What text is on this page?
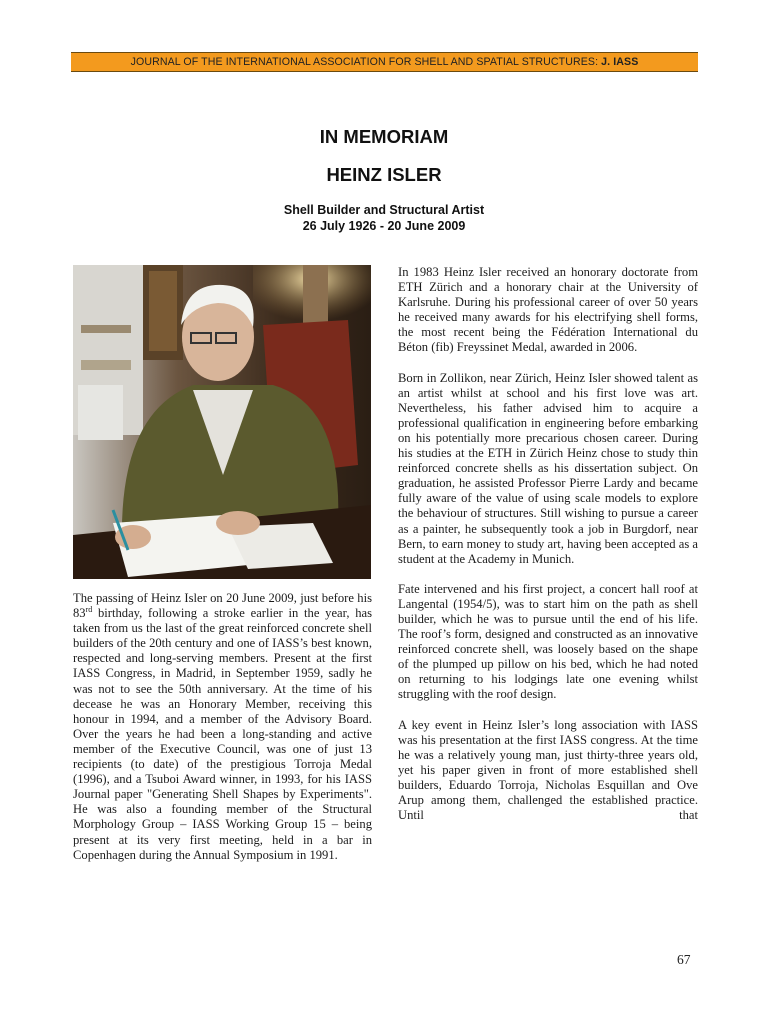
JOURNAL OF THE INTERNATIONAL ASSOCIATION FOR SHELL AND SPATIAL STRUCTURES: J. IASS
IN MEMORIAM
HEINZ ISLER
Shell Builder and Structural Artist
26 July 1926 - 20 June 2009

The passing of Heinz Isler on 20 June 2009, just before his 83rd birthday, following a stroke earlier in the year, has taken from us the last of the great reinforced concrete shell builders of the 20th century and one of IASS’s best known, respected and long-serving members. Present at the first IASS Congress, in Madrid, in September 1959, sadly he was not to see the 50th anniversary. At the time of his decease he was an Honorary Member, receiving this honour in 1994, and a member of the Advisory Board. Over the years he had been a long-standing and active member of the Executive Council, was one of just 13 recipients (to date) of the prestigious Torroja Medal (1996), and a Tsuboi Award winner, in 1993, for his IASS Journal paper "Generating Shell Shapes by Experiments". He was also a founding member of the Structural Morphology Group – IASS Working Group 15 – being present at its very first meeting, held in a bar in Copenhagen during the Annual Symposium in 1991.

In 1983 Heinz Isler received an honorary doctorate from ETH Zürich and a honorary chair at the University of Karlsruhe. During his professional career of over 50 years he received many awards for his electrifying shell forms, the most recent being the Fédération International du Béton (fib) Freyssinet Medal, awarded in 2006.

Born in Zollikon, near Zürich, Heinz Isler showed talent as an artist whilst at school and his first love was art. Nevertheless, his father advised him to acquire a professional qualification in engineering before embarking on his potentially more precarious chosen career. During his studies at the ETH in Zürich Heinz chose to study thin reinforced concrete shells as his dissertation subject. On graduation, he assisted Professor Pierre Lardy and became fully aware of the value of using scale models to explore the behaviour of structures. Still wishing to pursue a career as a painter, he subsequently took a job in Burgdorf, near Bern, to earn money to study art, having been accepted as a student at the Academy in Munich.

Fate intervened and his first project, a concert hall roof at Langental (1954/5), was to start him on the path as shell builder, which he was to pursue until the end of his life. The roof’s form, designed and constructed as an innovative reinforced concrete shell, was loosely based on the shape of the plumped up pillow on his bed, which he had noted on returning to his lodgings late one evening whilst struggling with the roof design.

A key event in Heinz Isler’s long association with IASS was his presentation at the first IASS congress. At the time he was a relatively young man, just thirty-three years old, yet his paper given in front of more established shell builders, Eduardo Torroja, Nicholas Esquillan and Ove Arup among them, challenged the established practice. Until that

67
